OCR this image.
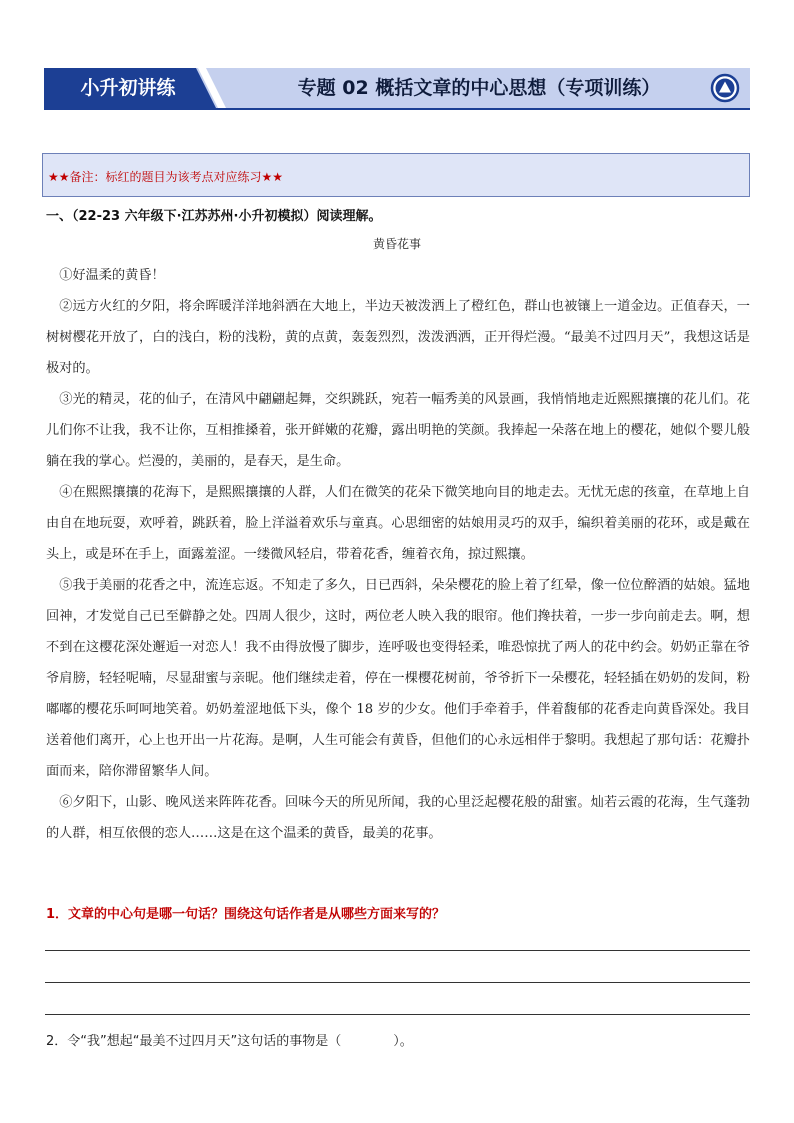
小升初讲练	专题 02 概括文章的中心思想（专项训练）
★★备注：标红的题目为该考点对应练习★★
一、（22-23 六年级下·江苏苏州·小升初模拟）阅读理解。
黄昏花事

①好温柔的黄昏！

②远方火红的夕阳，将余晖暖洋洋地斜洒在大地上，半边天被泼洒上了橙红色，群山也被镶上一道金边。正值春天，一树树樱花开放了，白的浅白，粉的浅粉，黄的点黄，轰轰烈烈，泼泼洒洒，正开得烂漫。“最美不过四月天”，我想这话是极对的。

③光的精灵，花的仙子，在清风中翩翩起舞，交织跳跃，宛若一幅秀美的风景画，我悄悄地走近熙熙攘攘的花儿们。花儿们你不让我，我不让你，互相推搡着，张开鲜嫩的花瓣，露出明艳的笑颜。我捧起一朵落在地上的樱花，她似个婴儿般躺在我的掌心。烂漫的，美丽的，是春天，是生命。

④在熙熙攘攘的花海下，是熙熙攘攘的人群，人们在微笑的花朵下微笑地向目的地走去。无忧无虑的孩童，在草地上自由自在地玩耍，欢呼着，跳跃着，脸上洋溢着欢乐与童真。心思细密的姑娘用灵巧的双手，编织着美丽的花环，或是戴在头上，或是环在手上，面露羞涩。一缕微风轻启，带着花香，缠着衣角，掠过熙攘。

⑤我于美丽的花香之中，流连忘返。不知走了多久，日已西斜，朵朵樱花的脸上着了红晕，像一位位醉酒的姑娘。猛地回神，才发觉自己已至僻静之处。四周人很少，这时，两位老人映入我的眼帘。他们搀扶着，一步一步向前走去。啊，想不到在这樱花深处邂逅一对恋人！我不由得放慢了脚步，连呼吸也变得轻柔，唯恐惊扰了两人的花中约会。奶奶正靠在爷爷肩膀，轻轻呢喃，尽显甜蜜与亲昵。他们继续走着，停在一棵樱花树前，爷爷折下一朵樱花，轻轻插在奶奶的发间，粉嘟嘟的樱花乐呵呵地笑着。奶奶羞涩地低下头，像个 18 岁的少女。他们手牵着手，伴着馥郁的花香走向黄昏深处。我目送着他们离开，心上也开出一片花海。是啊，人生可能会有黄昏，但他们的心永远相伴于黎明。我想起了那句话：花瓣扑面而来，陪你滞留繁华人间。

⑥夕阳下，山影、晚风送来阵阵花香。回味今天的所见所闻，我的心里泛起樱花般的甜蜜。灿若云霞的花海，生气蓬勃的人群，相互依偎的恋人……这是在这个温柔的黄昏，最美的花事。

1．文章的中心句是哪一句话？围绕这句话作者是从哪些方面来写的？
2．令“我”想起“最美不过四月天”这句话的事物是（　　　　）。
